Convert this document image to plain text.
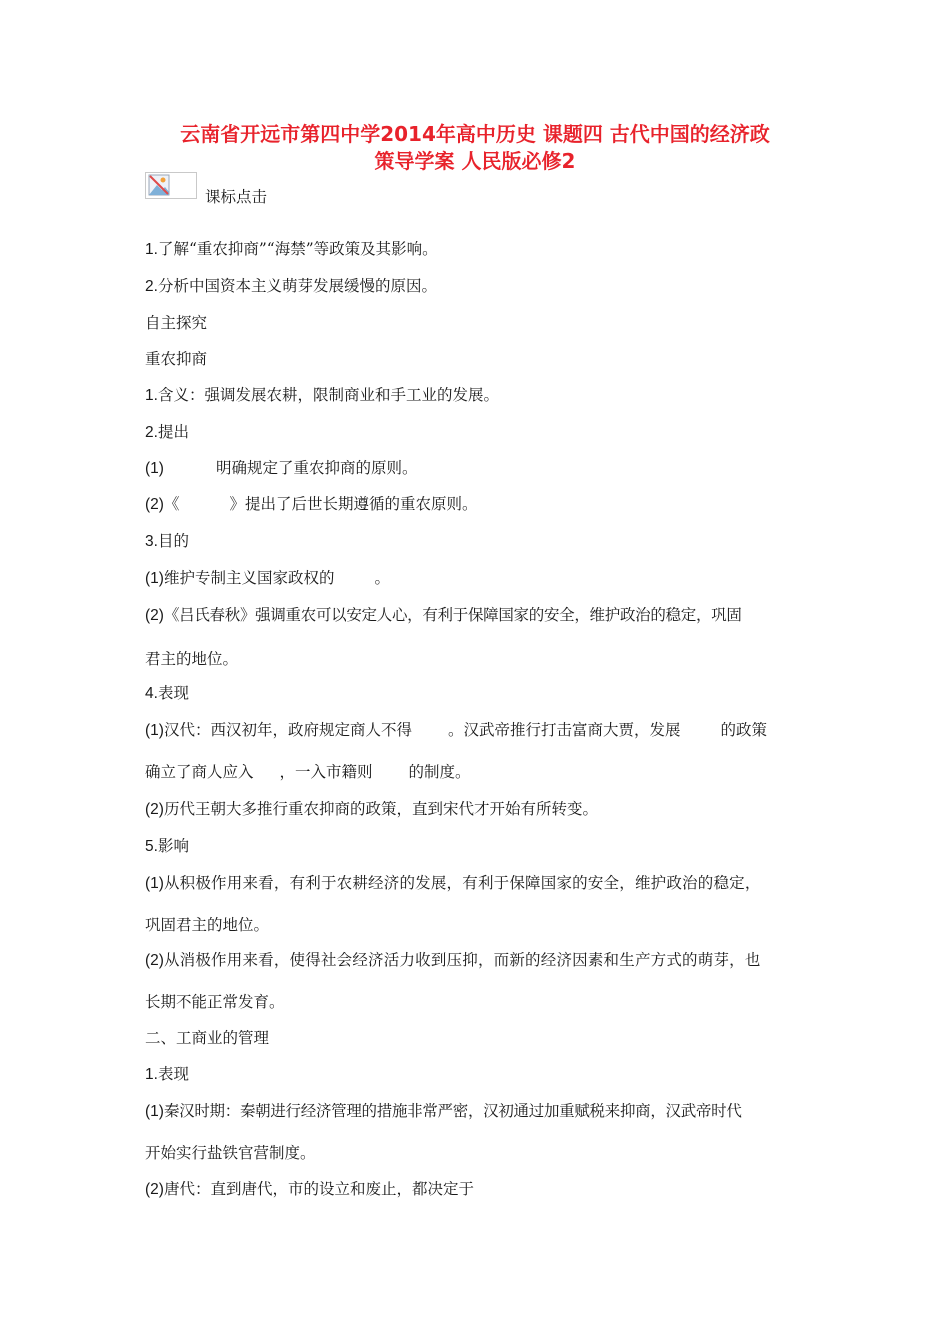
云南省开远市第四中学2014年高中历史 课题四 古代中国的经济政
策导学案 人民版必修2
课标点击
1.了解“重农抑商”“海禁”等政策及其影响。
2.分析中国资本主义萌芽发展缓慢的原因。
自主探究
重农抑商
1.含义：强调发展农耕，限制商业和手工业的发展。
2.提出
(1)	明确规定了重农抑商的原则。
(2)《	》提出了后世长期遵循的重农原则。
3.目的
(1)维护专制主义国家政权的	。
(2)《吕氏春秋》强调重农可以安定人心，有利于保障国家的安全，维护政治的稳定，巩固
君主的地位。
4.表现
(1)汉代：西汉初年，政府规定商人不得 。汉武帝推行打击富商大贾，发展	的政策
确立了商人应入 ，一入市籍则 的制度。
(2)历代王朝大多推行重农抑商的政策，直到宋代才开始有所转变。
5.影响
(1)从积极作用来看，有利于农耕经济的发展，有利于保障国家的安全，维护政治的稳定，
巩固君主的地位。
(2)从消极作用来看，使得社会经济活力收到压抑，而新的经济因素和生产方式的萌芽，也
长期不能正常发育。
二、工商业的管理
1.表现
(1)秦汉时期：秦朝进行经济管理的措施非常严密，汉初通过加重赋税来抑商，汉武帝时代
开始实行盐铁官营制度。
(2)唐代：直到唐代，市的设立和废止，都决定于
